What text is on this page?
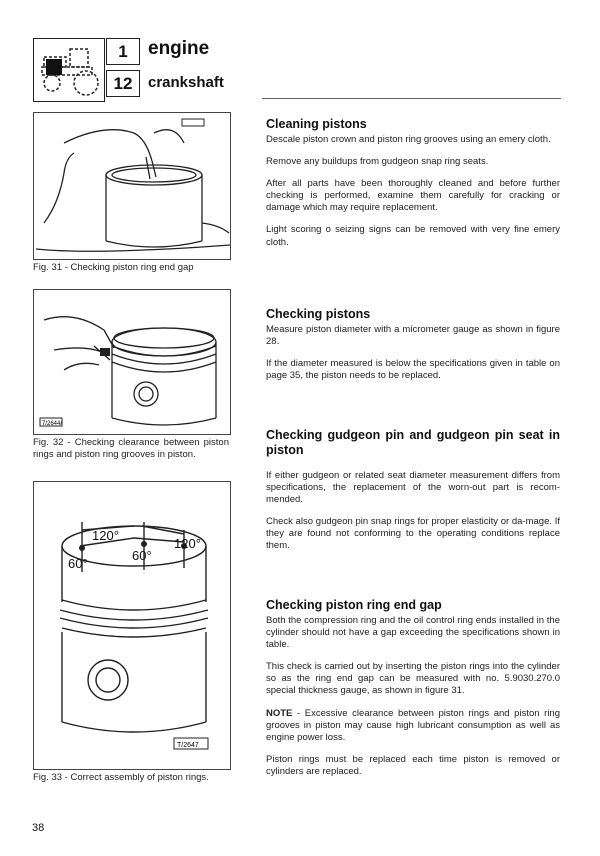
1
12
engine
crankshaft
Fig. 31 - Checking piston ring end gap
7/2644/
Fig. 32 - Checking clearance between piston rings and piston ring grooves in piston.
120°
120°
60°
60°
T/2647
Fig. 33 - Correct assembly of piston rings.
Cleaning pistons

Descale piston crown and piston ring grooves using an emery cloth.

Remove any buildups from gudgeon snap ring seats.

After all parts have been thoroughly cleaned and before further checking is performed, examine them carefully for cracking or damage which may require replacement.

Light scoring o seizing signs can be removed with very fine emery cloth.

Checking pistons

Measure piston diameter with a micrometer gauge as shown in figure 28.

If the diameter measured is below the specifications given in table on page 35, the piston needs to be replaced.

Checking gudgeon pin and gudgeon pin seat in piston

If either gudgeon or related seat diameter measurement differs from specifications, the replacement of the worn-out part is recom-mended.

Check also gudgeon pin snap rings for proper elasticity or da-mage. If they are found not conforming to the operating conditions replace them.

Checking piston ring end gap

Both the compression ring and the oil control ring ends installed in the cylinder should not have a gap exceeding the specifications shown in table.

This check is carried out by inserting the piston rings into the cylinder so as the ring end gap can be measured with no. 5.9030.270.0 special thickness gauge, as shown in figure 31.

NOTE - Excessive clearance between piston rings and piston ring grooves in piston may cause high lubricant consumption as well as engine power loss.

Piston rings must be replaced each time piston is removed or cylinders are replaced.

38
